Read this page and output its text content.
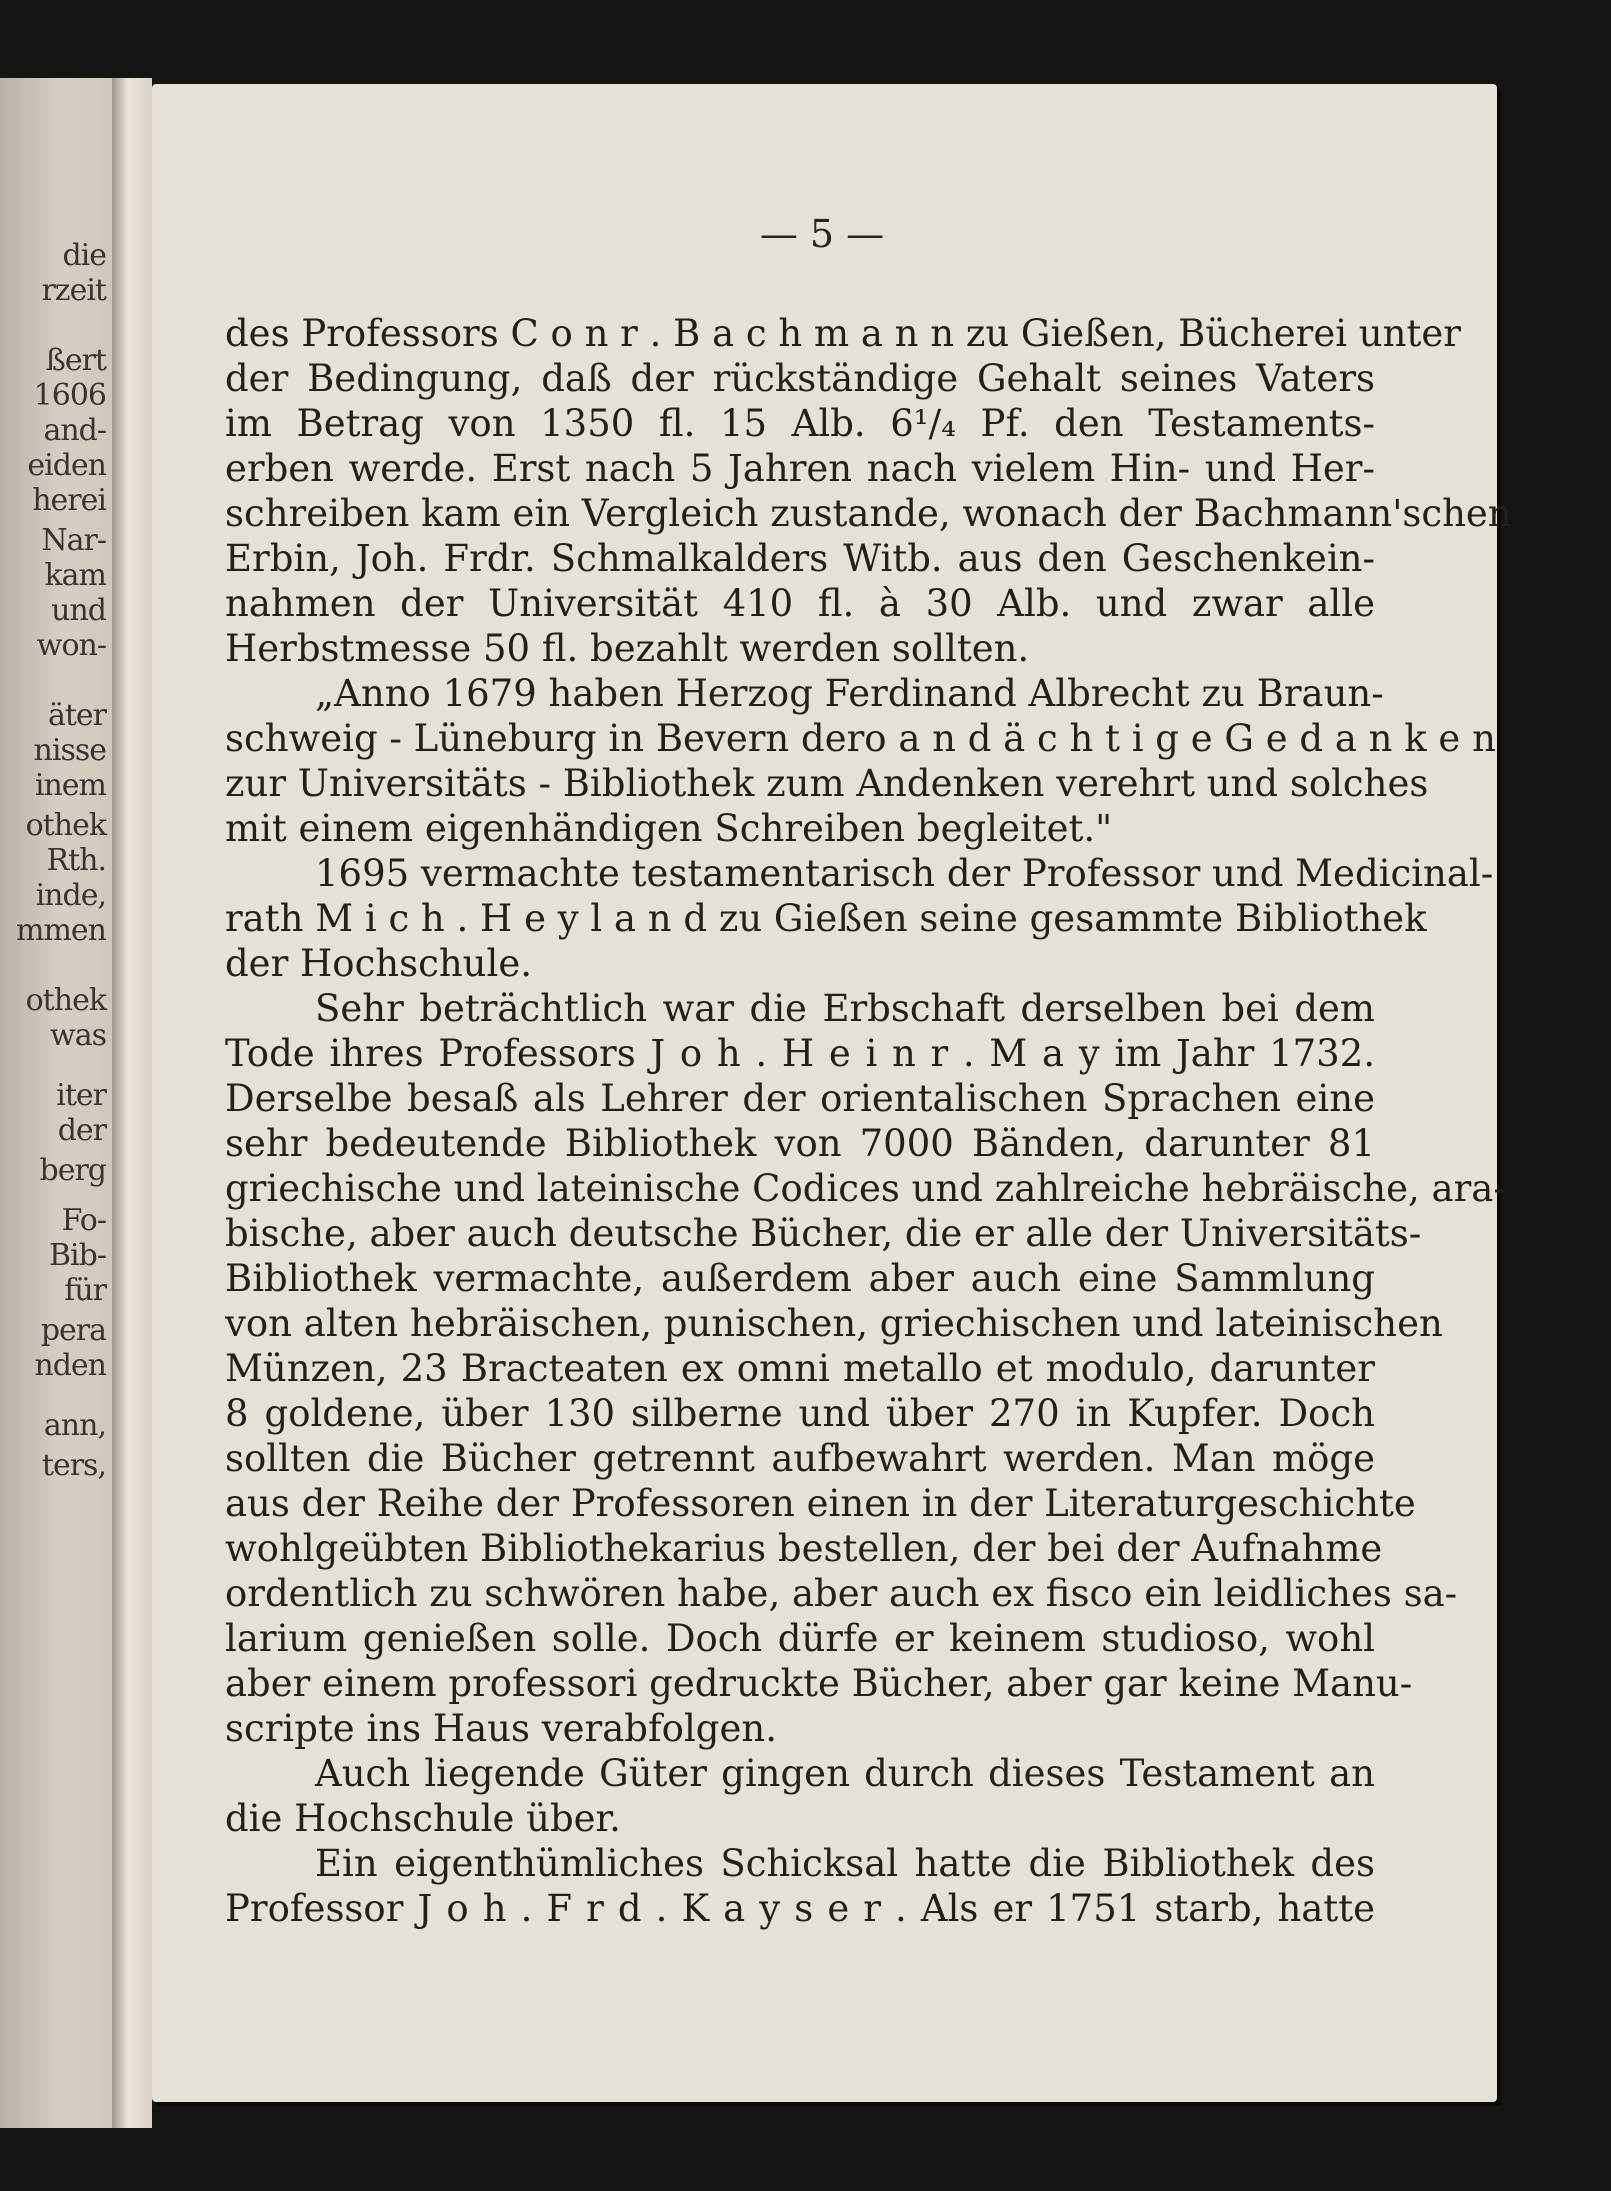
die
rzeit
ßert
1606
and-
eiden
herei
Nar-
kam
und
won-
äter
nisse
inem
othek
Rth.
inde,
mmen
othek
was
iter
der
berg
Fo-
Bib-
für
pera
nden
ann,
ters,

— 5 —

des Professors C o n r . B a c h m a n n zu Gießen, Bücherei unter
der Bedingung, daß der rückständige Gehalt seines Vaters
im Betrag von 1350 fl. 15 Alb. 6¹/₄ Pf. den Testaments-
erben werde. Erst nach 5 Jahren nach vielem Hin- und Her-
schreiben kam ein Vergleich zustande, wonach der Bachmann'schen
Erbin, Joh. Frdr. Schmalkalders Witb. aus den Geschenkein-
nahmen der Universität 410 fl. à 30 Alb. und zwar alle
Herbstmesse 50 fl. bezahlt werden sollten.
„Anno 1679 haben Herzog Ferdinand Albrecht zu Braun-
schweig - Lüneburg in Bevern dero a n d ä c h t i g e G e d a n k e n
zur Universitäts - Bibliothek zum Andenken verehrt und solches
mit einem eigenhändigen Schreiben begleitet."
1695 vermachte testamentarisch der Professor und Medicinal-
rath M i c h . H e y l a n d zu Gießen seine gesammte Bibliothek
der Hochschule.
Sehr beträchtlich war die Erbschaft derselben bei dem
Tode ihres Professors J o h . H e i n r . M a y im Jahr 1732.
Derselbe besaß als Lehrer der orientalischen Sprachen eine
sehr bedeutende Bibliothek von 7000 Bänden, darunter 81
griechische und lateinische Codices und zahlreiche hebräische, ara-
bische, aber auch deutsche Bücher, die er alle der Universitäts-
Bibliothek vermachte, außerdem aber auch eine Sammlung
von alten hebräischen, punischen, griechischen und lateinischen
Münzen, 23 Bracteaten ex omni metallo et modulo, darunter
8 goldene, über 130 silberne und über 270 in Kupfer. Doch
sollten die Bücher getrennt aufbewahrt werden. Man möge
aus der Reihe der Professoren einen in der Literaturgeschichte
wohlgeübten Bibliothekarius bestellen, der bei der Aufnahme
ordentlich zu schwören habe, aber auch ex fisco ein leidliches sa-
larium genießen solle. Doch dürfe er keinem studioso, wohl
aber einem professori gedruckte Bücher, aber gar keine Manu-
scripte ins Haus verabfolgen.
Auch liegende Güter gingen durch dieses Testament an
die Hochschule über.
Ein eigenthümliches Schicksal hatte die Bibliothek des
Professor J o h . F r d . K a y s e r . Als er 1751 starb, hatte
